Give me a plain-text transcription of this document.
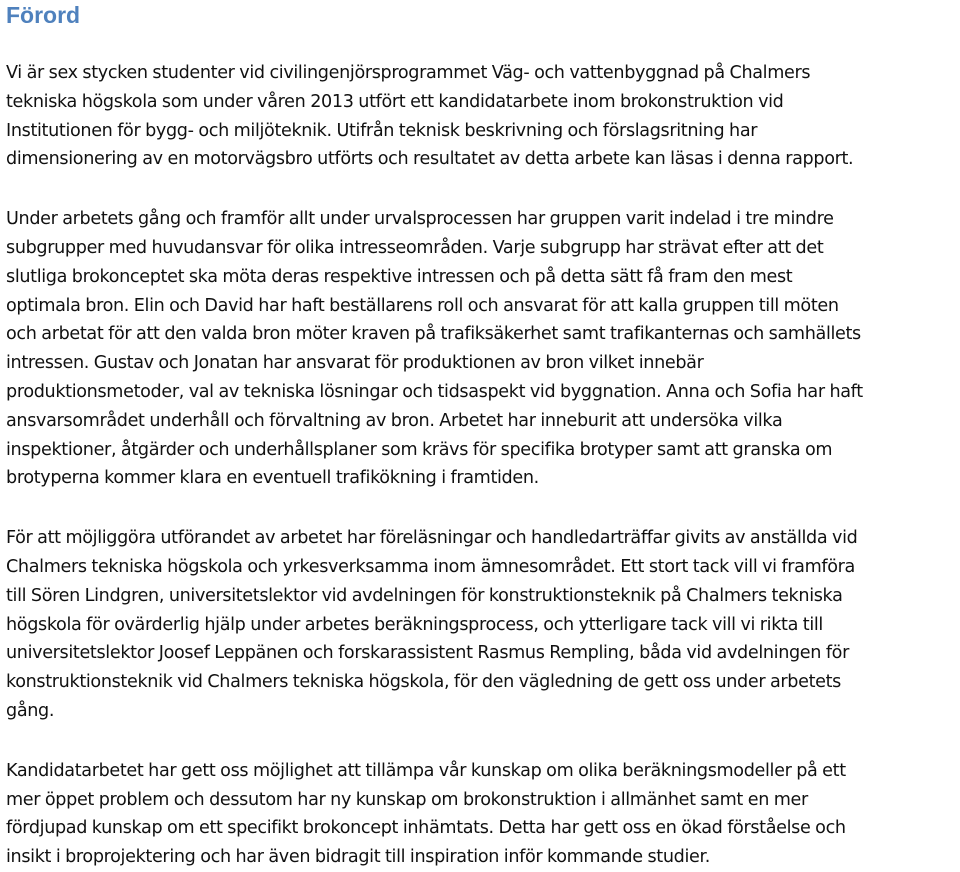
Förord

Vi är sex stycken studenter vid civilingenjörsprogrammet Väg- och vattenbyggnad på Chalmers
tekniska högskola som under våren 2013 utfört ett kandidatarbete inom brokonstruktion vid
Institutionen för bygg- och miljöteknik. Utifrån teknisk beskrivning och förslagsritning har
dimensionering av en motorvägsbro utförts och resultatet av detta arbete kan läsas i denna rapport.

Under arbetets gång och framför allt under urvalsprocessen har gruppen varit indelad i tre mindre
subgrupper med huvudansvar för olika intresseområden. Varje subgrupp har strävat efter att det
slutliga brokonceptet ska möta deras respektive intressen och på detta sätt få fram den mest
optimala bron. Elin och David har haft beställarens roll och ansvarat för att kalla gruppen till möten
och arbetat för att den valda bron möter kraven på trafiksäkerhet samt trafikanternas och samhällets
intressen. Gustav och Jonatan har ansvarat för produktionen av bron vilket innebär
produktionsmetoder, val av tekniska lösningar och tidsaspekt vid byggnation. Anna och Sofia har haft
ansvarsområdet underhåll och förvaltning av bron. Arbetet har inneburit att undersöka vilka
inspektioner, åtgärder och underhållsplaner som krävs för specifika brotyper samt att granska om
brotyperna kommer klara en eventuell trafikökning i framtiden.

För att möjliggöra utförandet av arbetet har föreläsningar och handledarträffar givits av anställda vid
Chalmers tekniska högskola och yrkesverksamma inom ämnesområdet. Ett stort tack vill vi framföra
till Sören Lindgren, universitetslektor vid avdelningen för konstruktionsteknik på Chalmers tekniska
högskola för ovärderlig hjälp under arbetes beräkningsprocess, och ytterligare tack vill vi rikta till
universitetslektor Joosef Leppänen och forskarassistent Rasmus Rempling, båda vid avdelningen för
konstruktionsteknik vid Chalmers tekniska högskola, för den vägledning de gett oss under arbetets
gång.

Kandidatarbetet har gett oss möjlighet att tillämpa vår kunskap om olika beräkningsmodeller på ett
mer öppet problem och dessutom har ny kunskap om brokonstruktion i allmänhet samt en mer
fördjupad kunskap om ett specifikt brokoncept inhämtats. Detta har gett oss en ökad förståelse och
insikt i broprojektering och har även bidragit till inspiration inför kommande studier.
